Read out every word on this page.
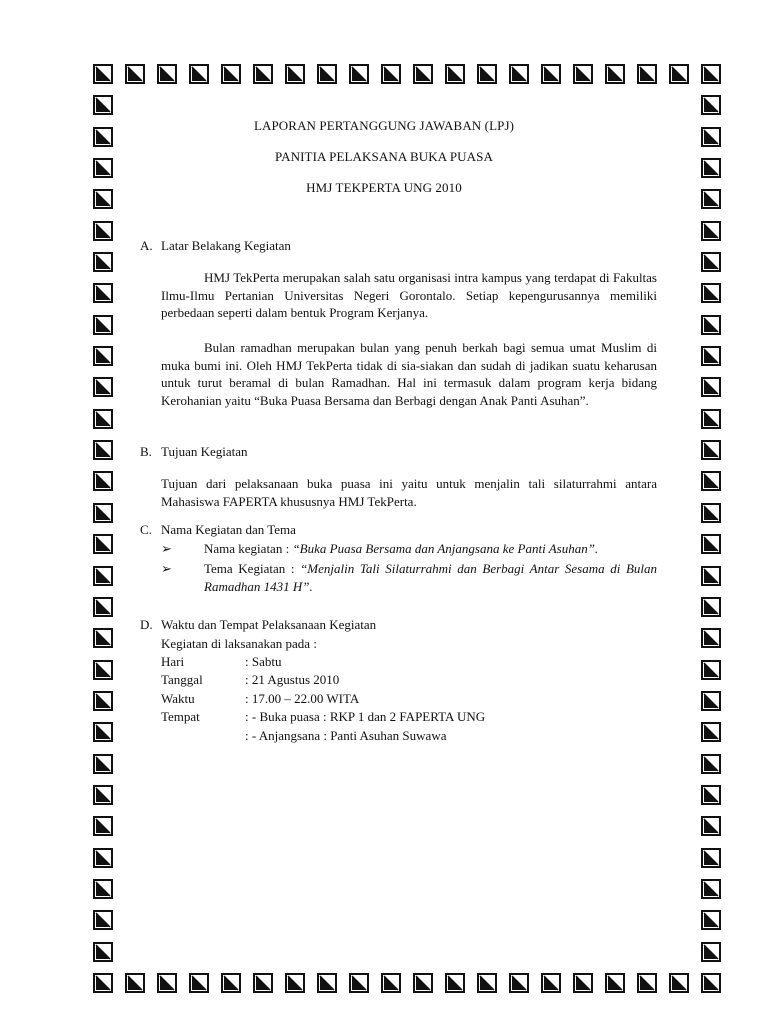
LAPORAN PERTANGGUNG JAWABAN (LPJ)
PANITIA PELAKSANA BUKA PUASA
HMJ TEKPERTA UNG 2010
A. Latar Belakang Kegiatan
HMJ TekPerta merupakan salah satu organisasi intra kampus yang terdapat di Fakultas Ilmu-Ilmu Pertanian Universitas Negeri Gorontalo. Setiap kepengurusannya memiliki perbedaan seperti dalam bentuk Program Kerjanya.
Bulan ramadhan merupakan bulan yang penuh berkah bagi semua umat Muslim di muka bumi ini. Oleh HMJ TekPerta tidak di sia-siakan dan sudah di jadikan suatu keharusan untuk turut beramal di bulan Ramadhan. Hal ini termasuk dalam program kerja bidang Kerohanian yaitu “Buka Puasa Bersama dan Berbagi dengan Anak Panti Asuhan”.
B. Tujuan Kegiatan
Tujuan dari pelaksanaan buka puasa ini yaitu untuk menjalin tali silaturrahmi antara Mahasiswa FAPERTA khususnya HMJ TekPerta.
C. Nama Kegiatan dan Tema
➢ Nama kegiatan : “Buka Puasa Bersama dan Anjangsana ke Panti Asuhan”.
➢ Tema Kegiatan : “Menjalin Tali Silaturrahmi dan Berbagi Antar Sesama di Bulan Ramadhan 1431 H”.
D. Waktu dan Tempat Pelaksanaan Kegiatan
Kegiatan di laksanakan pada :
Hari	: Sabtu
Tanggal	: 21 Agustus 2010
Waktu	: 17.00 – 22.00 WITA
Tempat	: - Buka puasa : RKP 1 dan 2 FAPERTA UNG
: - Anjangsana : Panti Asuhan Suwawa
